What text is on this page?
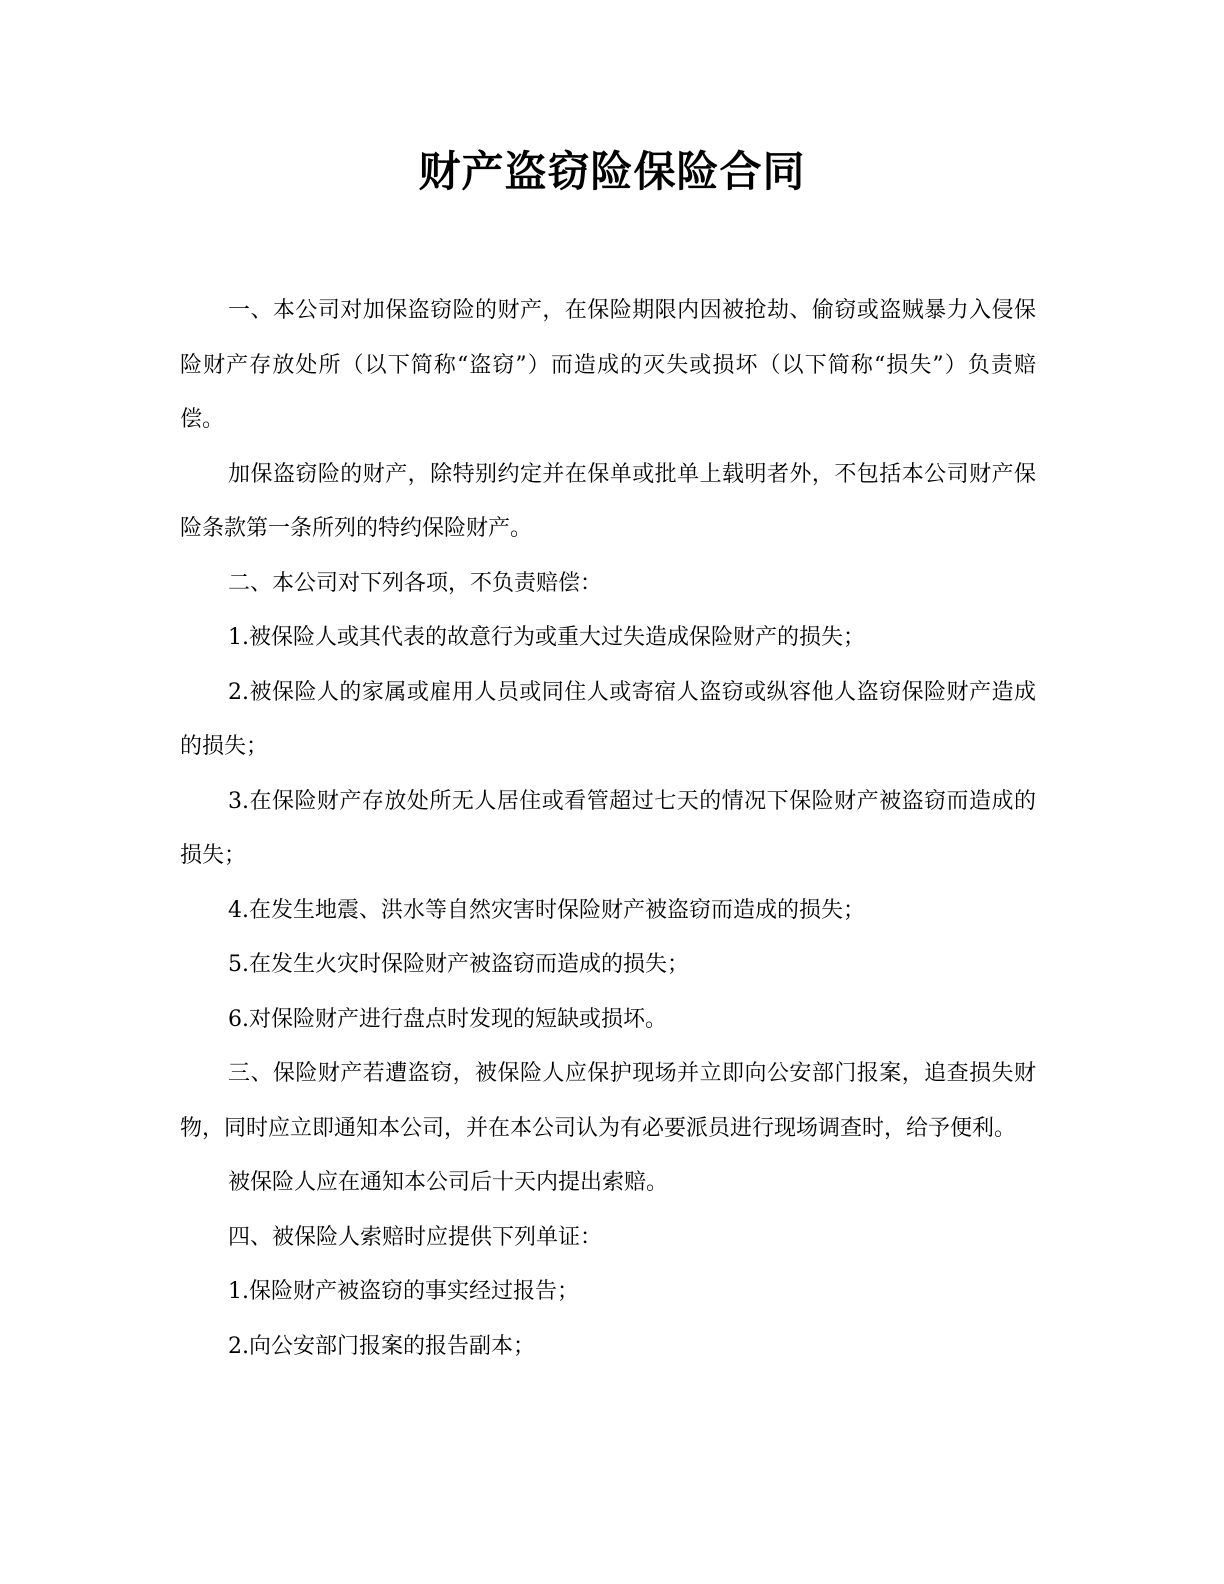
财产盗窃险保险合同

一、本公司对加保盗窃险的财产，在保险期限内因被抢劫、偷窃或盗贼暴力入侵保险财产存放处所（以下简称“盗窃”）而造成的灭失或损坏（以下简称“损失”）负责赔偿。

加保盗窃险的财产，除特别约定并在保单或批单上载明者外，不包括本公司财产保险条款第一条所列的特约保险财产。

二、本公司对下列各项，不负责赔偿：

1.被保险人或其代表的故意行为或重大过失造成保险财产的损失；

2.被保险人的家属或雇用人员或同住人或寄宿人盗窃或纵容他人盗窃保险财产造成的损失；

3.在保险财产存放处所无人居住或看管超过七天的情况下保险财产被盗窃而造成的损失；

4.在发生地震、洪水等自然灾害时保险财产被盗窃而造成的损失；

5.在发生火灾时保险财产被盗窃而造成的损失；

6.对保险财产进行盘点时发现的短缺或损坏。

三、保险财产若遭盗窃，被保险人应保护现场并立即向公安部门报案，追查损失财物，同时应立即通知本公司，并在本公司认为有必要派员进行现场调查时，给予便利。

被保险人应在通知本公司后十天内提出索赔。

四、被保险人索赔时应提供下列单证：

1.保险财产被盗窃的事实经过报告；

2.向公安部门报案的报告副本；
